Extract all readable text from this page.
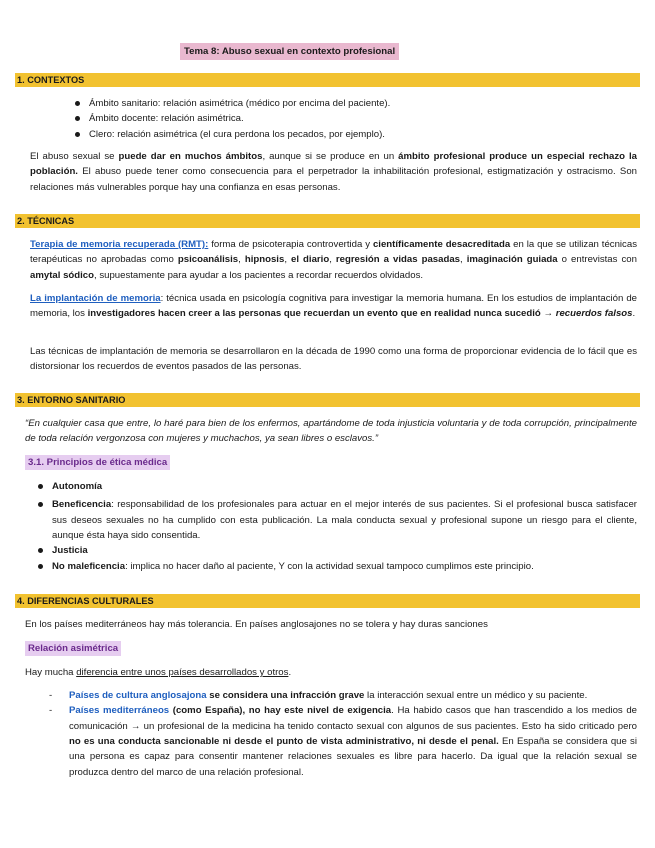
Tema 8: Abuso sexual en contexto profesional
1. CONTEXTOS
Ámbito sanitario: relación asimétrica (médico por encima del paciente).
Ámbito docente: relación asimétrica.
Clero: relación asimétrica (el cura perdona los pecados, por ejemplo).
El abuso sexual se puede dar en muchos ámbitos, aunque si se produce en un ámbito profesional produce un especial rechazo la población. El abuso puede tener como consecuencia para el perpetrador la inhabilitación profesional, estigmatización y ostracismo. Son relaciones más vulnerables porque hay una confianza en esas personas.
2. TÉCNICAS
Terapia de memoria recuperada (RMT): forma de psicoterapia controvertida y científicamente desacreditada en la que se utilizan técnicas terapéuticas no aprobadas como psicoanálisis, hipnosis, el diario, regresión a vidas pasadas, imaginación guiada o entrevistas con amytal sódico, supuestamente para ayudar a los pacientes a recordar recuerdos olvidados.
La implantación de memoria: técnica usada en psicología cognitiva para investigar la memoria humana. En los estudios de implantación de memoria, los investigadores hacen creer a las personas que recuerdan un evento que en realidad nunca sucedió → recuerdos falsos.
Las técnicas de implantación de memoria se desarrollaron en la década de 1990 como una forma de proporcionar evidencia de lo fácil que es distorsionar los recuerdos de eventos pasados de las personas.
3. ENTORNO SANITARIO
“En cualquier casa que entre, lo haré para bien de los enfermos, apartándome de toda injusticia voluntaria y de toda corrupción, principalmente de toda relación vergonzosa con mujeres y muchachos, ya sean libres o esclavos.”
3.1. Principios de ética médica
Autonomía
Beneficencia: responsabilidad de los profesionales para actuar en el mejor interés de sus pacientes. Si el profesional busca satisfacer sus deseos sexuales no ha cumplido con esta publicación. La mala conducta sexual y profesional supone un riesgo para el cliente, aunque ésta haya sido consentida.
Justicia
No maleficencia: implica no hacer daño al paciente, Y con la actividad sexual tampoco cumplimos este principio.
4. DIFERENCIAS CULTURALES
En los países mediterráneos hay más tolerancia. En países anglosajones no se tolera y hay duras sanciones
Relación asimétrica
Hay mucha diferencia entre unos países desarrollados y otros.
- Países de cultura anglosajona se considera una infracción grave la interacción sexual entre un médico y su paciente.
- Países mediterráneos (como España), no hay este nivel de exigencia. Ha habido casos que han trascendido a los medios de comunicación → un profesional de la medicina ha tenido contacto sexual con algunos de sus pacientes. Esto ha sido criticado pero no es una conducta sancionable ni desde el punto de vista administrativo, ni desde el penal. En España se considera que si una persona es capaz para consentir mantener relaciones sexuales es libre para hacerlo. Da igual que la relación sexual se produzca dentro del marco de una relación profesional.
